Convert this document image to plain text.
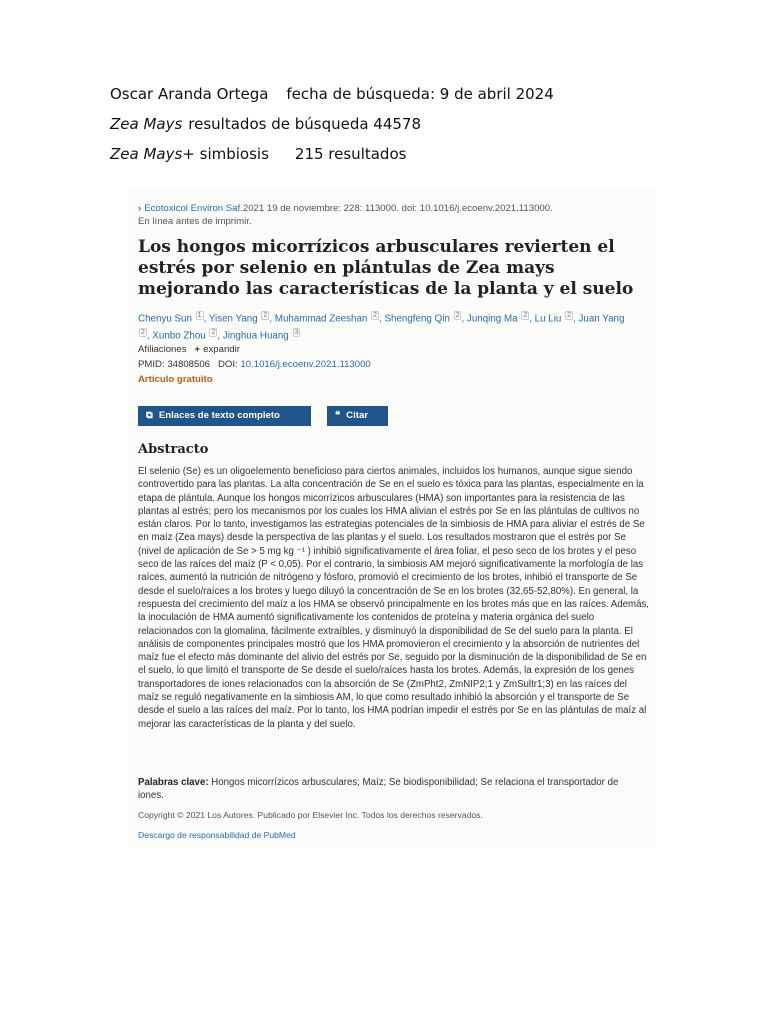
Oscar Aranda Ortega fecha de búsqueda: 9 de abril 2024
Zea Mays resultados de búsqueda 44578
Zea Mays+ simbiosis 215 resultados
› Ecotoxicol Environ Saf.2021 19 de noviembre: 228: 113000. doi: 10.1016/j.ecoenv.2021.113000.
En línea antes de imprimir.
Los hongos micorrízicos arbusculares revierten el estrés por selenio en plántulas de Zea mays mejorando las características de la planta y el suelo
Chenyu Sun $^1$ , Yisen Yang $^2$ , Muhammad Zeeshan $^2$ , Shengfeng Qin $^2$ , Junqing Ma $^2$ , Lu Liu $^2$ , Juan Yang $^2$ , Xunbo Zhou $^2$ , Jinghua Huang $^3$
Afiliaciones + expandir
PMID: 34808506 DOI: 10.1016/j.ecoenv.2021.113000
Artículo gratuito
⧉ Enlaces de texto completo	❝ Citar
Abstracto

El selenio (Se) es un oligoelemento beneficioso para ciertos animales, incluidos los humanos, aunque sigue siendo controvertido para las plantas. La alta concentración de Se en el suelo es tóxica para las plantas, especialmente en la etapa de plántula. Aunque los hongos micorrízicos arbusculares (HMA) son importantes para la resistencia de las plantas al estrés; pero los mecanismos por los cuales los HMA alivian el estrés por Se en las plántulas de cultivos no están claros. Por lo tanto, investigamos las estrategias potenciales de la simbiosis de HMA para aliviar el estrés de Se en maíz (Zea mays) desde la perspectiva de las plantas y el suelo. Los resultados mostraron que el estrés por Se (nivel de aplicación de Se > 5 mg kg ⁻¹ ) inhibió significativamente el área foliar, el peso seco de los brotes y el peso seco de las raíces del maíz (P < 0,05). Por el contrario, la simbiosis AM mejoró significativamente la morfología de las raíces, aumentó la nutrición de nitrógeno y fósforo, promovió el crecimiento de los brotes, inhibió el transporte de Se desde el suelo/raíces a los brotes y luego diluyó la concentración de Se en los brotes (32,65-52,80%). En general, la respuesta del crecimiento del maíz a los HMA se observó principalmente en los brotes más que en las raíces. Además, la inoculación de HMA aumentó significativamente los contenidos de proteína y materia orgánica del suelo relacionados con la glomalina, fácilmente extraíbles, y disminuyó la disponibilidad de Se del suelo para la planta. El análisis de componentes principales mostró que los HMA promovieron el crecimiento y la absorción de nutrientes del maíz fue el efecto más dominante del alivio del estrés por Se, seguido por la disminución de la disponibilidad de Se en el suelo, lo que limitó el transporte de Se desde el suelo/raíces hasta los brotes. Además, la expresión de los genes transportadores de iones relacionados con la absorción de Se (ZmPht2, ZmNIP2;1 y ZmSultr1;3) en las raíces del maíz se reguló negativamente en la simbiosis AM, lo que como resultado inhibió la absorción y el transporte de Se desde el suelo a las raíces del maíz. Por lo tanto, los HMA podrían impedir el estrés por Se en las plántulas de maíz al mejorar las características de la planta y del suelo.

Palabras clave: Hongos micorrízicos arbusculares; Maíz; Se biodisponibilidad; Se relaciona el transportador de iones.
Copyright © 2021 Los Autores. Publicado por Elsevier Inc. Todos los derechos reservados.
Descargo de responsabilidad de PubMed
